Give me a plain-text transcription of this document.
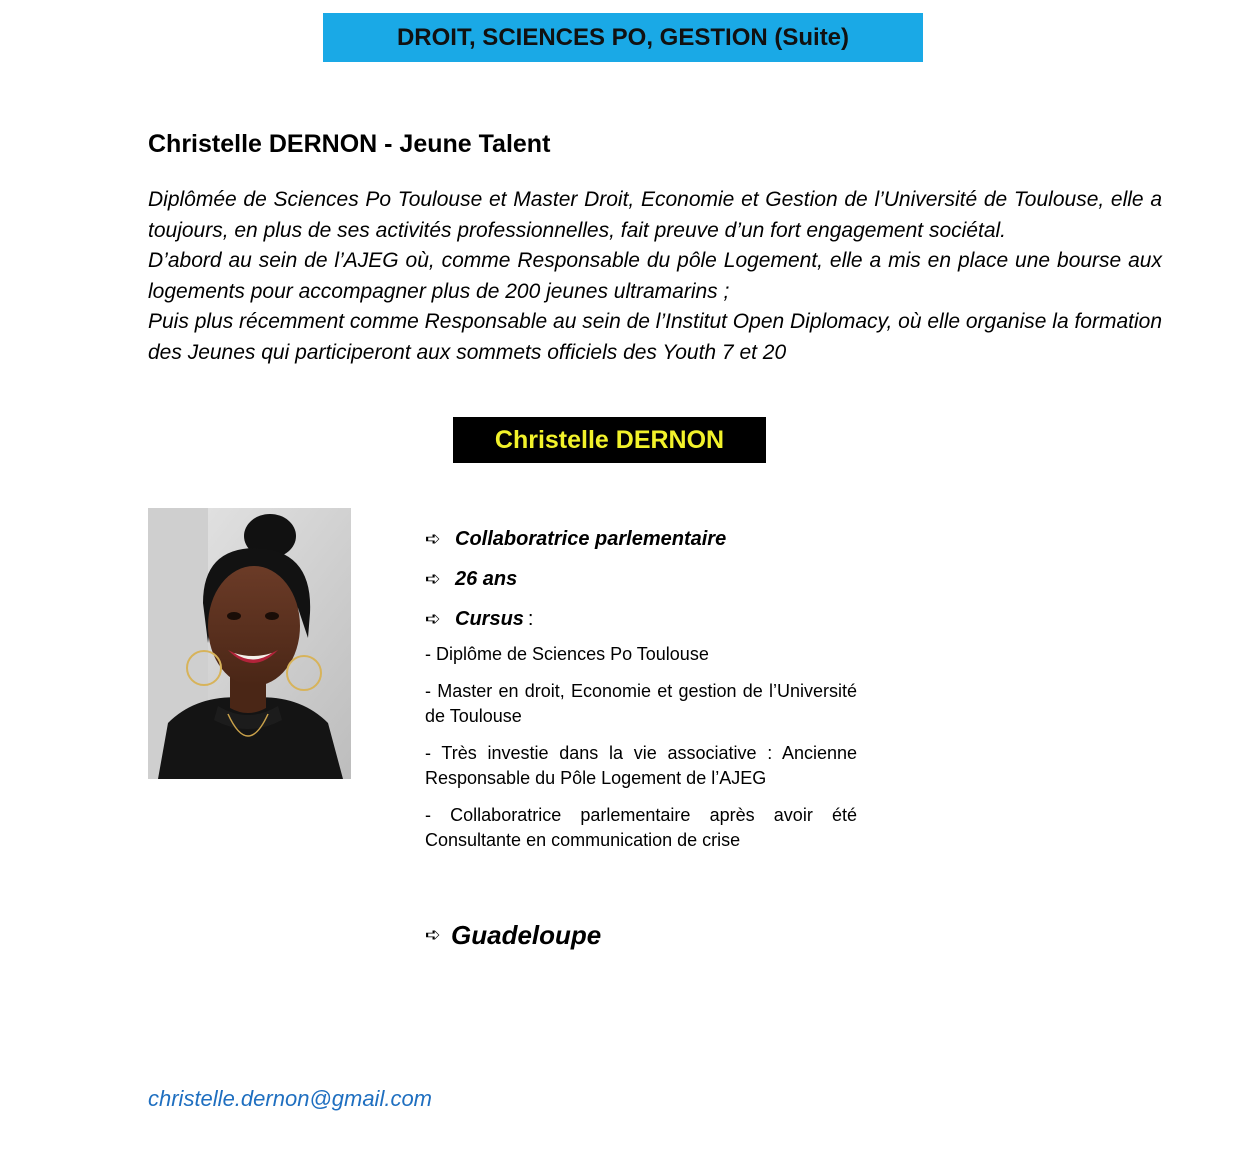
DROIT, SCIENCES PO, GESTION (Suite)
Christelle DERNON - Jeune Talent

Diplômée de Sciences Po Toulouse et Master Droit, Economie et Gestion de l’Université de Toulouse, elle a toujours, en plus de ses activités professionnelles, fait preuve d’un fort engagement sociétal.

D’abord au sein de l’AJEG où, comme Responsable du pôle Logement, elle a mis en place une bourse aux logements pour accompagner plus de 200 jeunes ultramarins ;

Puis plus récemment comme Responsable au sein de l’Institut Open Diplomacy, où elle organise la formation des Jeunes qui participeront aux sommets officiels des Youth 7 et 20

Christelle DERNON
➪ Collaboratrice parlementaire
➪ 26 ans
➪ Cursus :

- Diplôme de Sciences Po Toulouse

- Master en droit, Economie et gestion de l’Université de Toulouse

- Très investie dans la vie associative : Ancienne Responsable du Pôle Logement de l’AJEG

- Collaboratrice parlementaire après avoir été Consultante en communication de crise

➪ Guadeloupe
christelle.dernon@gmail.com
